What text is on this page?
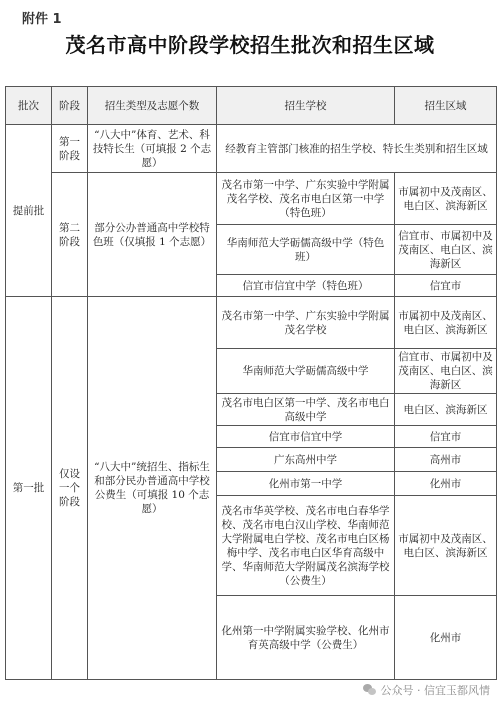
附件 1
茂名市高中阶段学校招生批次和招生区域
批次	阶段	招生类型及志愿个数	招生学校	招生区域
提前批	第一阶段	“八大中”体育、艺术、科技特长生（可填报 2 个志愿）	经教育主管部门核准的招生学校、特长生类别和招生区域	
	第二阶段	部分公办普通高中学校特色班（仅填报 1 个志愿）	茂名市第一中学、广东实验中学附属茂名学校、茂名市电白区第一中学（特色班）	市属初中及茂南区、电白区、滨海新区
			华南师范大学砺儒高级中学（特色班）	信宜市、市属初中及茂南区、电白区、滨海新区
			信宜市信宜中学（特色班）	信宜市
第一批	仅设一个阶段	“八大中”统招生、指标生和部分民办普通高中学校公费生（可填报 10 个志愿）	茂名市第一中学、广东实验中学附属茂名学校	市属初中及茂南区、电白区、滨海新区
			华南师范大学砺儒高级中学	信宜市、市属初中及茂南区、电白区、滨海新区
			茂名市电白区第一中学、茂名市电白高级中学	电白区、滨海新区
			信宜市信宜中学	信宜市
			广东高州中学	高州市
			化州市第一中学	化州市
			茂名市华英学校、茂名市电白春华学校、茂名市电白汉山学校、华南师范大学附属电白学校、茂名市电白区杨梅中学、茂名市电白区华育高级中学、华南师范大学附属茂名滨海学校（公费生）	市属初中及茂南区、电白区、滨海新区
			化州第一中学附属实验学校、化州市育英高级中学（公费生）	化州市
公众号 · 信宜玉都风情
